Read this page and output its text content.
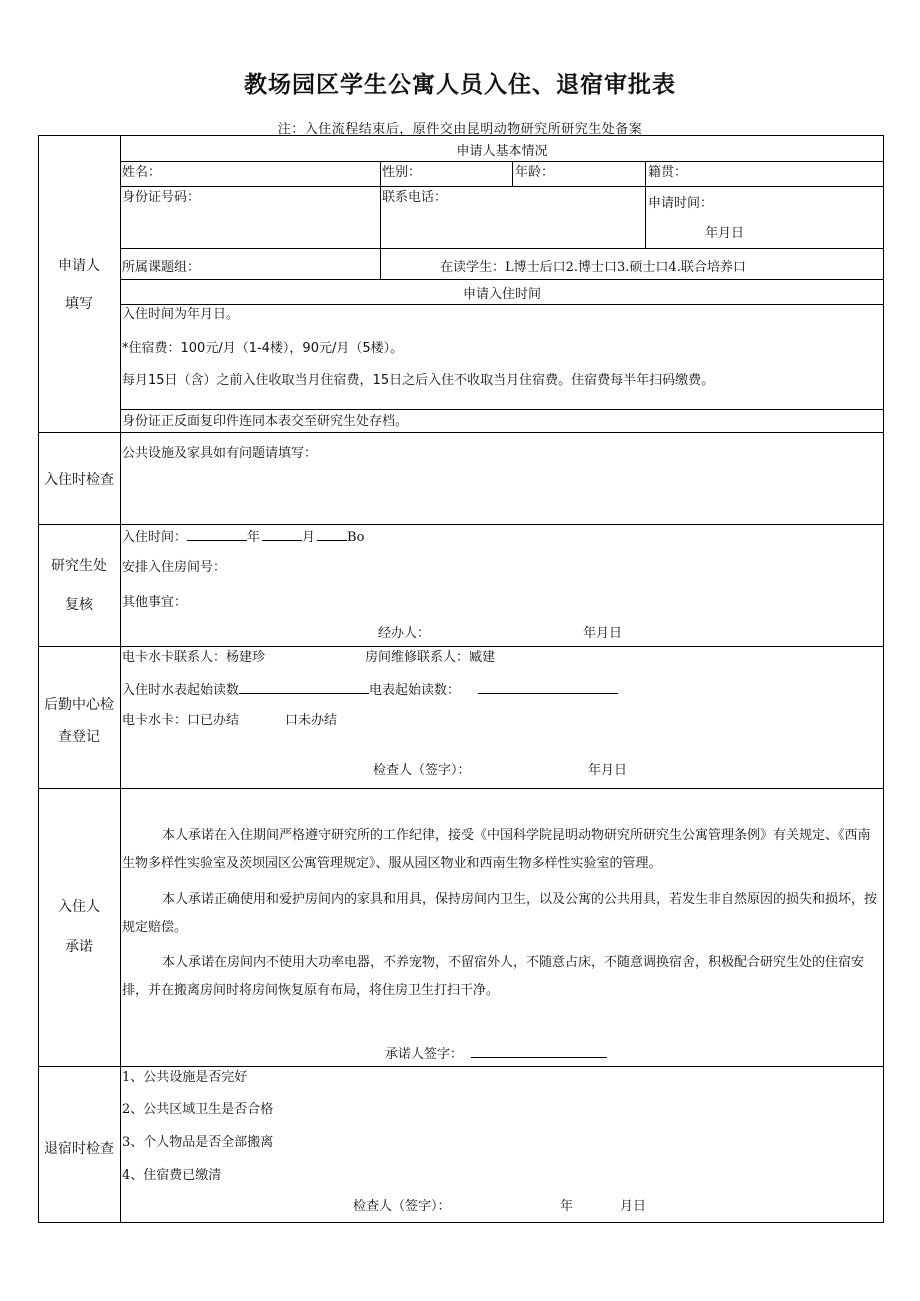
教场园区学生公寓人员入住、退宿审批表
注：入住流程结束后，原件交由昆明动物研究所研究生处备案
申请人
填写
申请人基本情况
姓名：	性别：	年龄：	籍贯：
身份证号码：	联系电话：	申请时间：
年月日
所属课题组：	在读学生：L博士后口2.博士口3.硕士口4.联合培养口
申请入住时间
入住时间为年月日。
*住宿费：100元/月（1-4楼），90元/月（5楼）。
每月15日（含）之前入住收取当月住宿费，15日之后入住不收取当月住宿费。住宿费每半年扫码缴费。
身份证正反面复印件连同本表交至研究生处存档。
入住时检查
公共设施及家具如有问题请填写：
研究生处
复核
入住时间：	年	月 Bo
安排入住房间号：
其他事宜：
经办人：	年月日
后勤中心检
查登记
电卡水卡联系人：杨建珍	房间维修联系人：臧建
入住时水表起始读数	电表起始读数：
电卡水卡：口已办结	口未办结
检查人（签字）：	年月日
入住人
承诺
本人承诺在入住期间严格遵守研究所的工作纪律，接受《中国科学院昆明动物研究所研究生公寓管理条例》有关规定、《西南生物多样性实验室及茨坝园区公寓管理规定》、服从园区物业和西南生物多样性实验室的管理。
本人承诺正确使用和爱护房间内的家具和用具，保持房间内卫生，以及公寓的公共用具，若发生非自然原因的损失和损坏，按规定赔偿。
本人承诺在房间内不使用大功率电器，不养宠物，不留宿外人，不随意占床，不随意调换宿舍，积极配合研究生处的住宿安排，并在搬离房间时将房间恢复原有布局，将住房卫生打扫干净。
承诺人签字：
退宿时检查
1、公共设施是否完好
2、公共区域卫生是否合格
3、个人物品是否全部搬离
4、住宿费已缴清
检查人（签字）：	年	月日
